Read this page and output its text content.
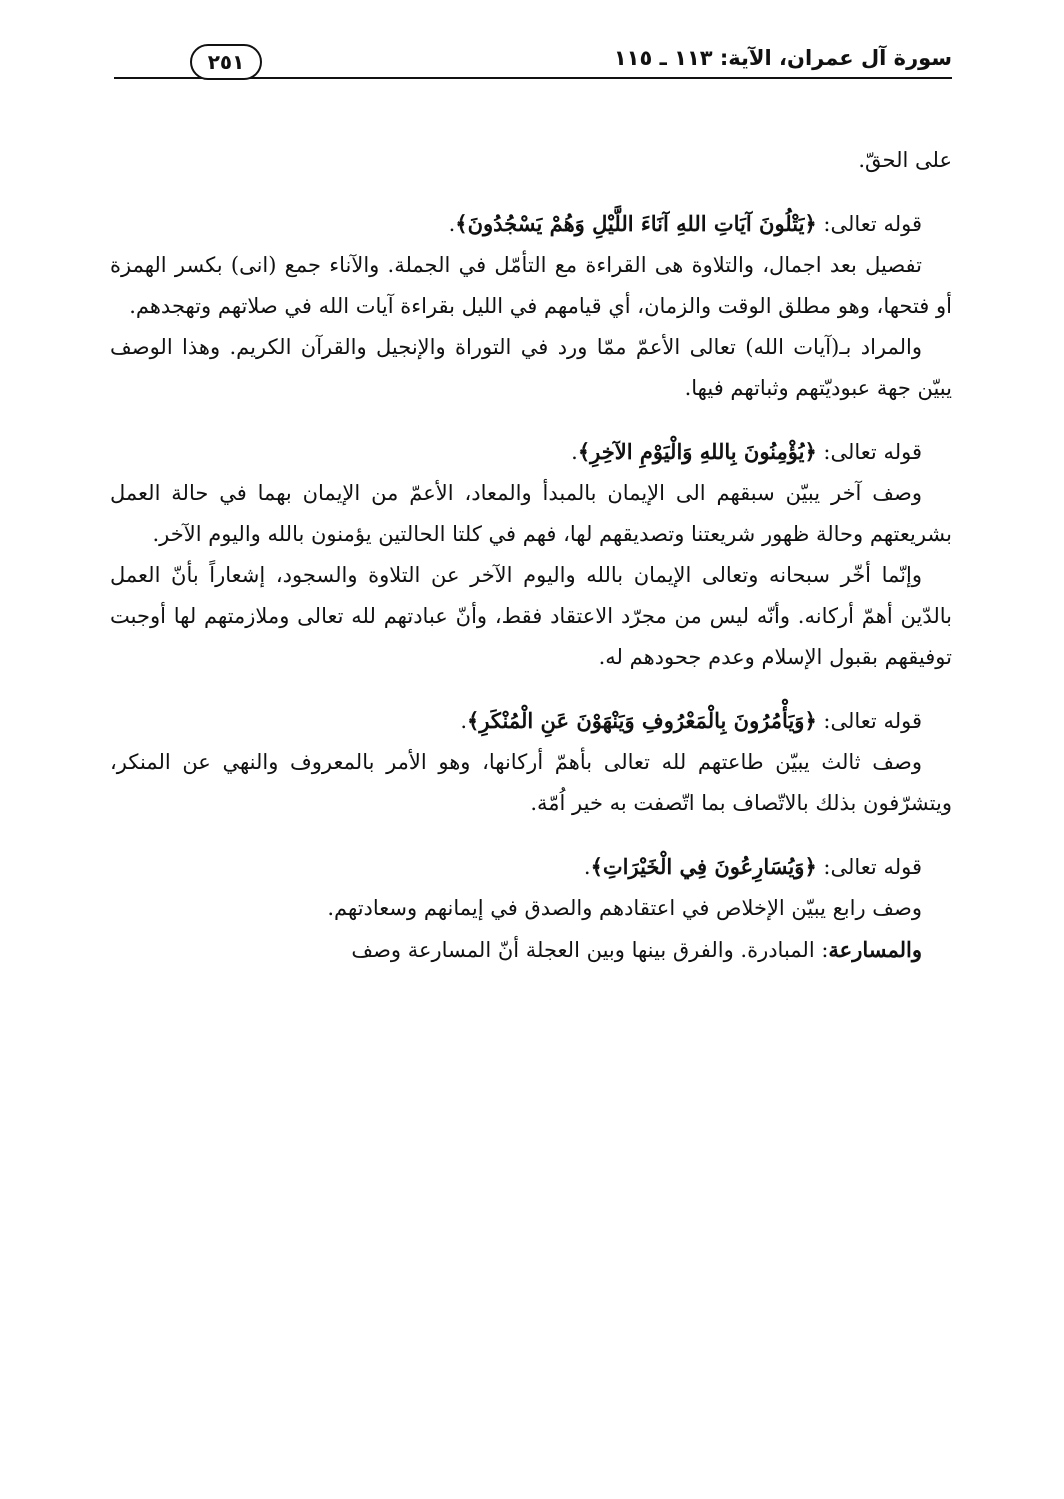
سورة آل عمران، الآية: ١١٣ ـ ١١٥
٢٥١

على الحقّ.

قوله تعالى: ﴿يَتْلُونَ آيَاتِ اللهِ آنَاءَ اللَّيْلِ وَهُمْ يَسْجُدُونَ﴾.

تفصيل بعد اجمال، والتلاوة هى القراءة مع التأمّل في الجملة. والآناء جمع (انى) بكسر الهمزة أو فتحها، وهو مطلق الوقت والزمان، أي قيامهم في الليل بقراءة آيات الله في صلاتهم وتهجدهم.

والمراد بـ(آيات الله) تعالى الأعمّ ممّا ورد في التوراة والإنجيل والقرآن الكريم. وهذا الوصف يبيّن جهة عبوديّتهم وثباتهم فيها.

قوله تعالى: ﴿يُؤْمِنُونَ بِاللهِ وَالْيَوْمِ الآخِرِ﴾.

وصف آخر يبيّن سبقهم الى الإيمان بالمبدأ والمعاد، الأعمّ من الإيمان بهما في حالة العمل بشريعتهم وحالة ظهور شريعتنا وتصديقهم لها، فهم في كلتا الحالتين يؤمنون بالله واليوم الآخر.

وإنّما أخّر سبحانه وتعالى الإيمان بالله واليوم الآخر عن التلاوة والسجود، إشعاراً بأنّ العمل بالدّين أهمّ أركانه. وأنّه ليس من مجرّد الاعتقاد فقط، وأنّ عبادتهم لله تعالى وملازمتهم لها أوجبت توفيقهم بقبول الإسلام وعدم جحودهم له.

قوله تعالى: ﴿وَيَأْمُرُونَ بِالْمَعْرُوفِ وَيَنْهَوْنَ عَنِ الْمُنْكَرِ﴾.

وصف ثالث يبيّن طاعتهم لله تعالى بأهمّ أركانها، وهو الأمر بالمعروف والنهي عن المنكر، ويتشرّفون بذلك بالاتّصاف بما اتّصفت به خير اُمّة.

قوله تعالى: ﴿وَيُسَارِعُونَ فِي الْخَيْرَاتِ﴾.

وصف رابع يبيّن الإخلاص في اعتقادهم والصدق في إيمانهم وسعادتهم.

والمسارعة: المبادرة. والفرق بينها وبين العجلة أنّ المسارعة وصف
